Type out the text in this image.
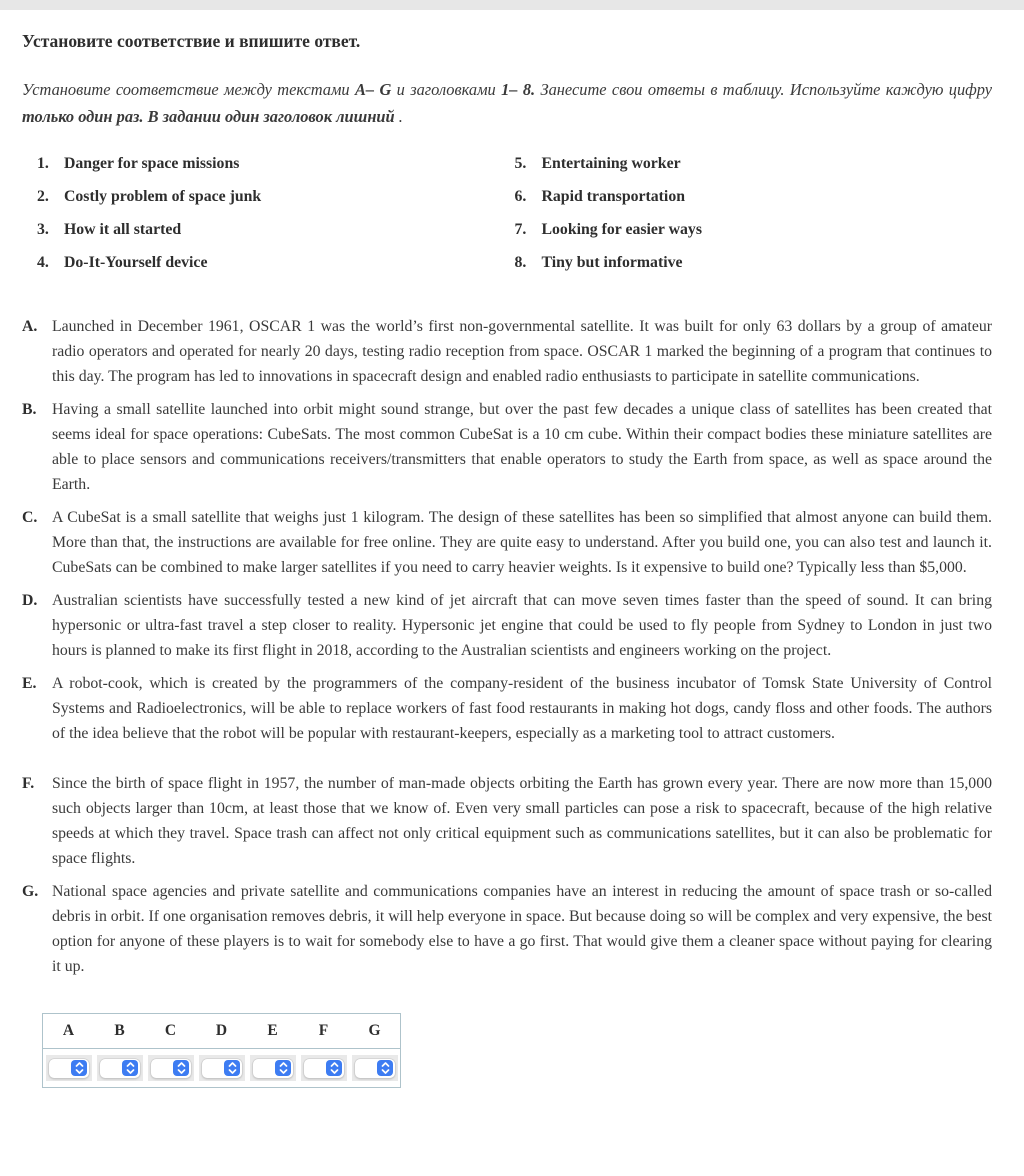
Установите соответствие и впишите ответ.
Установите соответствие между текстами A– G и заголовками 1– 8. Занесите свои ответы в таблицу. Используйте каждую цифру только один раз. В задании один заголовок лишний .
1. Danger for space missions
2. Costly problem of space junk
3. How it all started
4. Do-It-Yourself device
5. Entertaining worker
6. Rapid transportation
7. Looking for easier ways
8. Tiny but informative
A. Launched in December 1961, OSCAR 1 was the world’s first non-governmental satellite. It was built for only 63 dollars by a group of amateur radio operators and operated for nearly 20 days, testing radio reception from space. OSCAR 1 marked the beginning of a program that continues to this day. The program has led to innovations in spacecraft design and enabled radio enthusiasts to participate in satellite communications.
B. Having a small satellite launched into orbit might sound strange, but over the past few decades a unique class of satellites has been created that seems ideal for space operations: CubeSats. The most common CubeSat is a 10 cm cube. Within their compact bodies these miniature satellites are able to place sensors and communications receivers/transmitters that enable operators to study the Earth from space, as well as space around the Earth.
C. A CubeSat is a small satellite that weighs just 1 kilogram. The design of these satellites has been so simplified that almost anyone can build them. More than that, the instructions are available for free online. They are quite easy to understand. After you build one, you can also test and launch it. CubeSats can be combined to make larger satellites if you need to carry heavier weights. Is it expensive to build one? Typically less than $5,000.
D. Australian scientists have successfully tested a new kind of jet aircraft that can move seven times faster than the speed of sound. It can bring hypersonic or ultra-fast travel a step closer to reality. Hypersonic jet engine that could be used to fly people from Sydney to London in just two hours is planned to make its first flight in 2018, according to the Australian scientists and engineers working on the project.
E. A robot-cook, which is created by the programmers of the company-resident of the business incubator of Tomsk State University of Control Systems and Radioelectronics, will be able to replace workers of fast food restaurants in making hot dogs, candy floss and other foods. The authors of the idea believe that the robot will be popular with restaurant-keepers, especially as a marketing tool to attract customers.
F.	Since the birth of space flight in 1957, the number of man-made objects orbiting the Earth has grown every year. There are now more than 15,000 such objects larger than 10cm, at least those that we know of. Even very small particles can pose a risk to spacecraft, because of the high relative speeds at which they travel. Space trash can affect not only critical equipment such as communications satellites, but it can also be problematic for space flights.
G. National space agencies and private satellite and communications companies have an interest in reducing the amount of space trash or so-called debris in orbit. If one organisation removes debris, it will help everyone in space. But because doing so will be complex and very expensive, the best option for anyone of these players is to wait for somebody else to have a go first. That would give them a cleaner space without paying for clearing it up.
A	B	C	D	E	F	G
